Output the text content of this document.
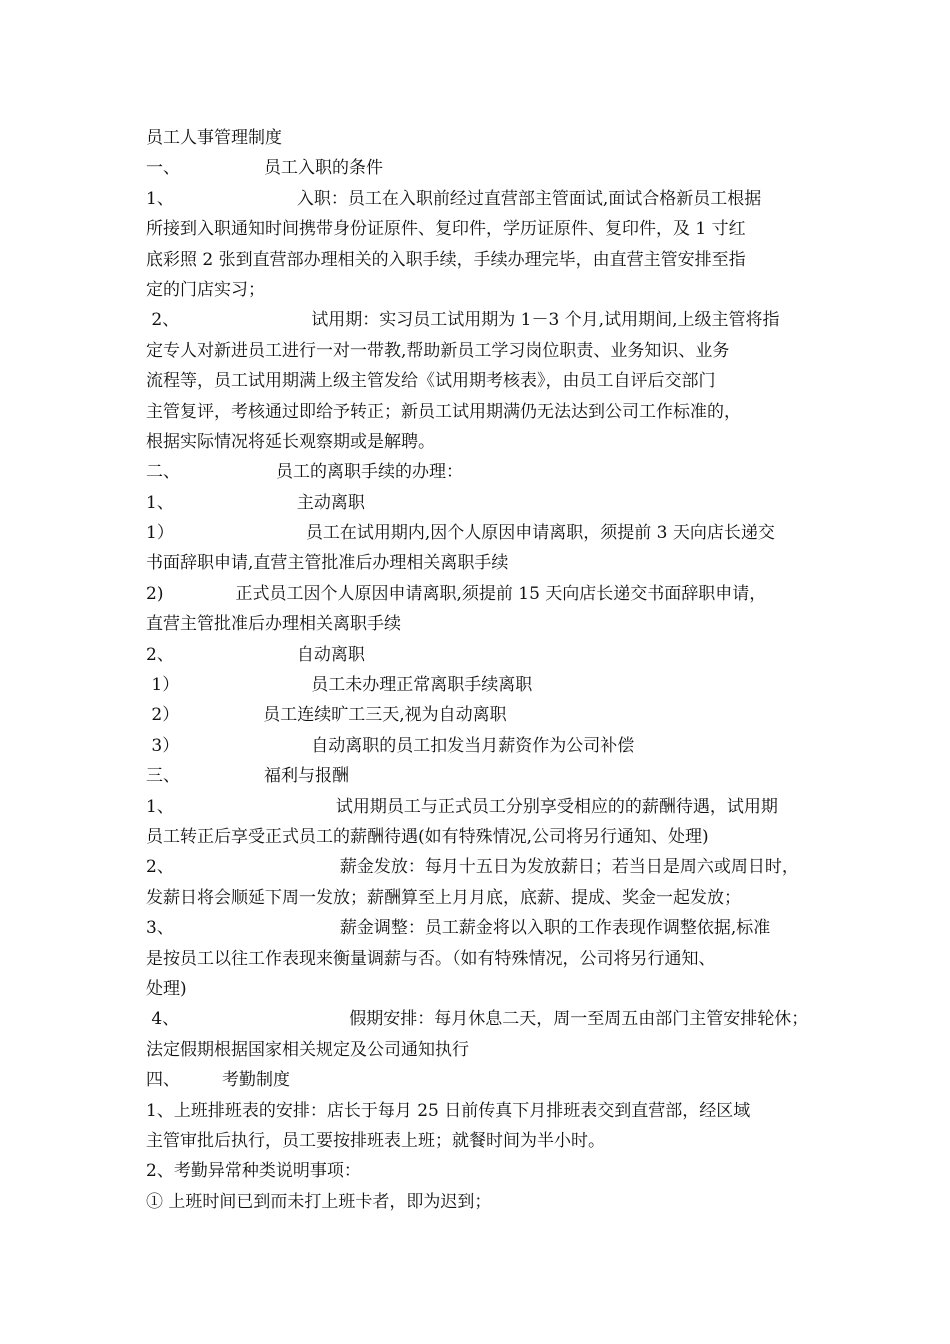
员工人事管理制度
一、	员工入职的条件
1、	入职：员工在入职前经过直营部主管面试,面试合格新员工根据
所接到入职通知时间携带身份证原件、复印件，学历证原件、复印件，及 1 寸红
底彩照 2 张到直营部办理相关的入职手续，手续办理完毕，由直营主管安排至指
定的门店实习；
2、	试用期：实习员工试用期为 1－3 个月,试用期间,上级主管将指
定专人对新进员工进行一对一带教,帮助新员工学习岗位职责、业务知识、业务
流程等，员工试用期满上级主管发给《试用期考核表》，由员工自评后交部门
主管复评，考核通过即给予转正；新员工试用期满仍无法达到公司工作标准的，
根据实际情况将延长观察期或是解聘。
二、	员工的离职手续的办理：
1、	主动离职
1）	员工在试用期内,因个人原因申请离职，须提前 3 天向店长递交
书面辞职申请,直营主管批准后办理相关离职手续
2)	正式员工因个人原因申请离职,须提前 15 天向店长递交书面辞职申请，
直营主管批准后办理相关离职手续
2、	自动离职
1）	员工未办理正常离职手续离职
2）	员工连续旷工三天,视为自动离职
3）	自动离职的员工扣发当月薪资作为公司补偿
三、	福利与报酬
1、	试用期员工与正式员工分别享受相应的的薪酬待遇，试用期
员工转正后享受正式员工的薪酬待遇(如有特殊情况,公司将另行通知、处理)
2、	薪金发放：每月十五日为发放薪日；若当日是周六或周日时，
发薪日将会顺延下周一发放；薪酬算至上月月底，底薪、提成、奖金一起发放；
3、	薪金调整：员工薪金将以入职的工作表现作调整依据,标准
是按员工以往工作表现来衡量调薪与否。（如有特殊情况，公司将另行通知、
处理)
4、	假期安排：每月休息二天，周一至周五由部门主管安排轮休；
法定假期根据国家相关规定及公司通知执行
四、 考勤制度
1、上班排班表的安排：店长于每月 25 日前传真下月排班表交到直营部，经区域
主管审批后执行，员工要按排班表上班；就餐时间为半小时。
2、考勤异常种类说明事项：
① 上班时间已到而未打上班卡者，即为迟到；
